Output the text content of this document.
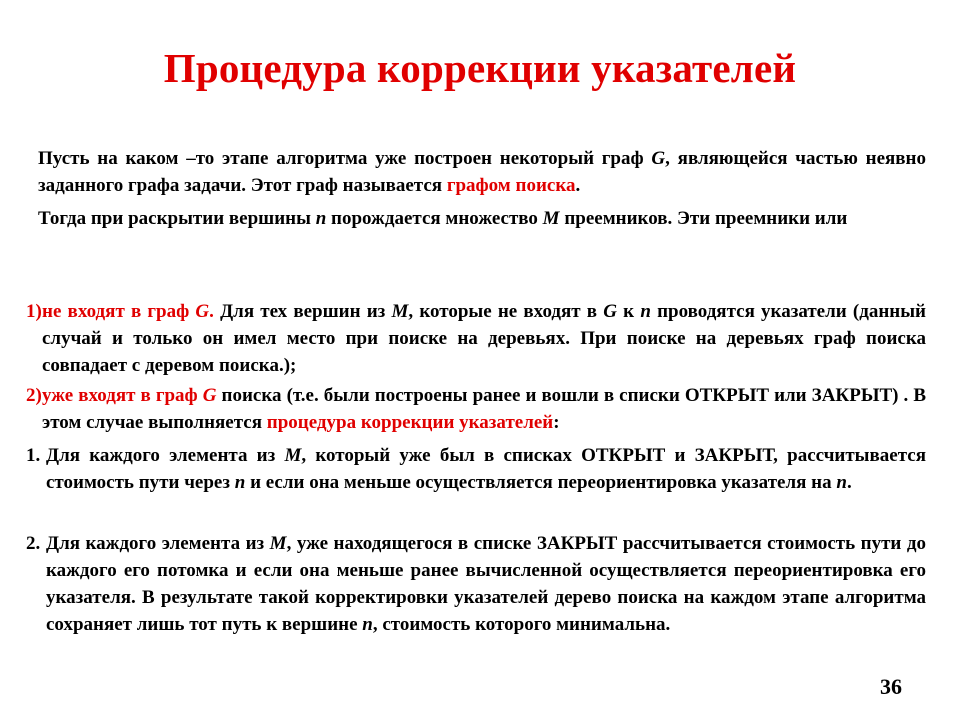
Процедура коррекции указателей
Пусть на каком –то этапе алгоритма уже построен некоторый граф G, являющейся частью неявно заданного графа задачи. Этот граф называется графом поиска.
Тогда при раскрытии вершины n порождается множество M преемников. Эти преемники или
1) не входят в граф G. Для тех вершин из M, которые не входят в G к n проводятся указатели (данный случай и только он имел место при поиске на деревьях. При поиске на деревьях граф поиска совпадает с деревом поиска.);
2) уже входят в граф G поиска (т.е. были построены ранее и вошли в списки ОТКРЫТ или ЗАКРЫТ) . В этом случае выполняется процедура коррекции указателей:
1. Для каждого элемента из M, который уже был в списках ОТКРЫТ и ЗАКРЫТ, рассчитывается стоимость пути через n и если она меньше осуществляется переориентировка указателя на n.
2. Для каждого элемента из M, уже находящегося в списке ЗАКРЫТ рассчитывается стоимость пути до каждого его потомка и если она меньше ранее вычисленной осуществляется переориентировка его указателя. В результате такой корректировки указателей дерево поиска на каждом этапе алгоритма сохраняет лишь тот путь к вершине n, стоимость которого минимальна.
36
